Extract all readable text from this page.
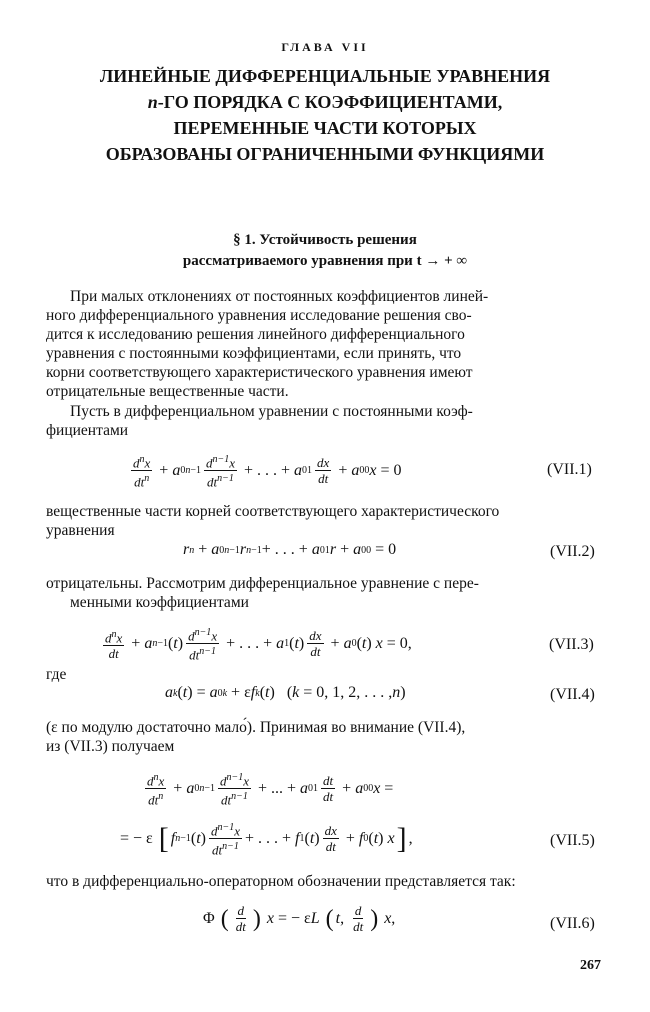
ГЛАВА VII
ЛИНЕЙНЫЕ ДИФФЕРЕНЦИАЛЬНЫЕ УРАВНЕНИЯ
n-ГО ПОРЯДКА С КОЭФФИЦИЕНТАМИ,
ПЕРЕМЕННЫЕ ЧАСТИ КОТОРЫХ
ОБРАЗОВАНЫ ОГРАНИЧЕННЫМИ ФУНКЦИЯМИ
§ 1. Устойчивость решения
рассматриваемого уравнения при t → + ∞
При малых отклонениях от постоянных коэффициентов линей-
ного дифференциального уравнения исследование решения сво-
дится к исследованию решения линейного дифференциального
уравнения с постоянными коэффициентами, если принять, что
корни соответствующего характеристического уравнения имеют
отрицательные вещественные части.
Пусть в дифференциальном уравнении с постоянными коэф-
фициентами
$\frac{d^nx}{dt^n} + a$ 0 $n-1 \frac{d^{n-1}x}{dt^{n-1}}$ + . . . + a 0 $1 \frac{dx}{dt} + a$ 0 0 x = 0	(VII.1)
вещественные части корней соответствующего характеристического
уравнения
r n + a 0 n−1 r n−1 + . . . + a 0 1 r + a 0 0 = 0	(VII.2)
отрицательны. Рассмотрим дифференциальное уравнение с пере-
менными коэффициентами
$\frac{d^nx}{dt} + a$ n−1 ( t ) $\frac{d^{n-1}x}{dt^{n-1}}$ + . . . + a 1 ( t ) $\frac{dx}{dt} + a$ 0 ( t ) x = 0,	(VII.3)
где
a k ( t ) = a 0 k + ε f k ( t ) ( k = 0, 1, 2, . . . , n )	(VII.4)
(ε по модулю достаточно мало́). Принимая во внимание (VII.4),
из (VII.3) получаем
$\frac{d^nx}{dt^n} + a$ 0 $n-1 \frac{d^{n-1}x}{dt^{n-1}}$ + ... + a 0 $1 \frac{dt}{dt} + a$ 0 0 x =
= − ε [ f n−1 ( t ) $\frac{d^{n-1}x}{dt^{n-1}}$ + . . . + f 1 ( t ) $\frac{dx}{dt} + f$ 0 ( t ) x ] ,	(VII.5)
что в дифференциально-операторном обозначении представляется так:
Φ ( $\frac{d}{dt}$ )
x = − ε L
( t , $\frac{d}{dt}$ )
x ,	(VII.6)
267
